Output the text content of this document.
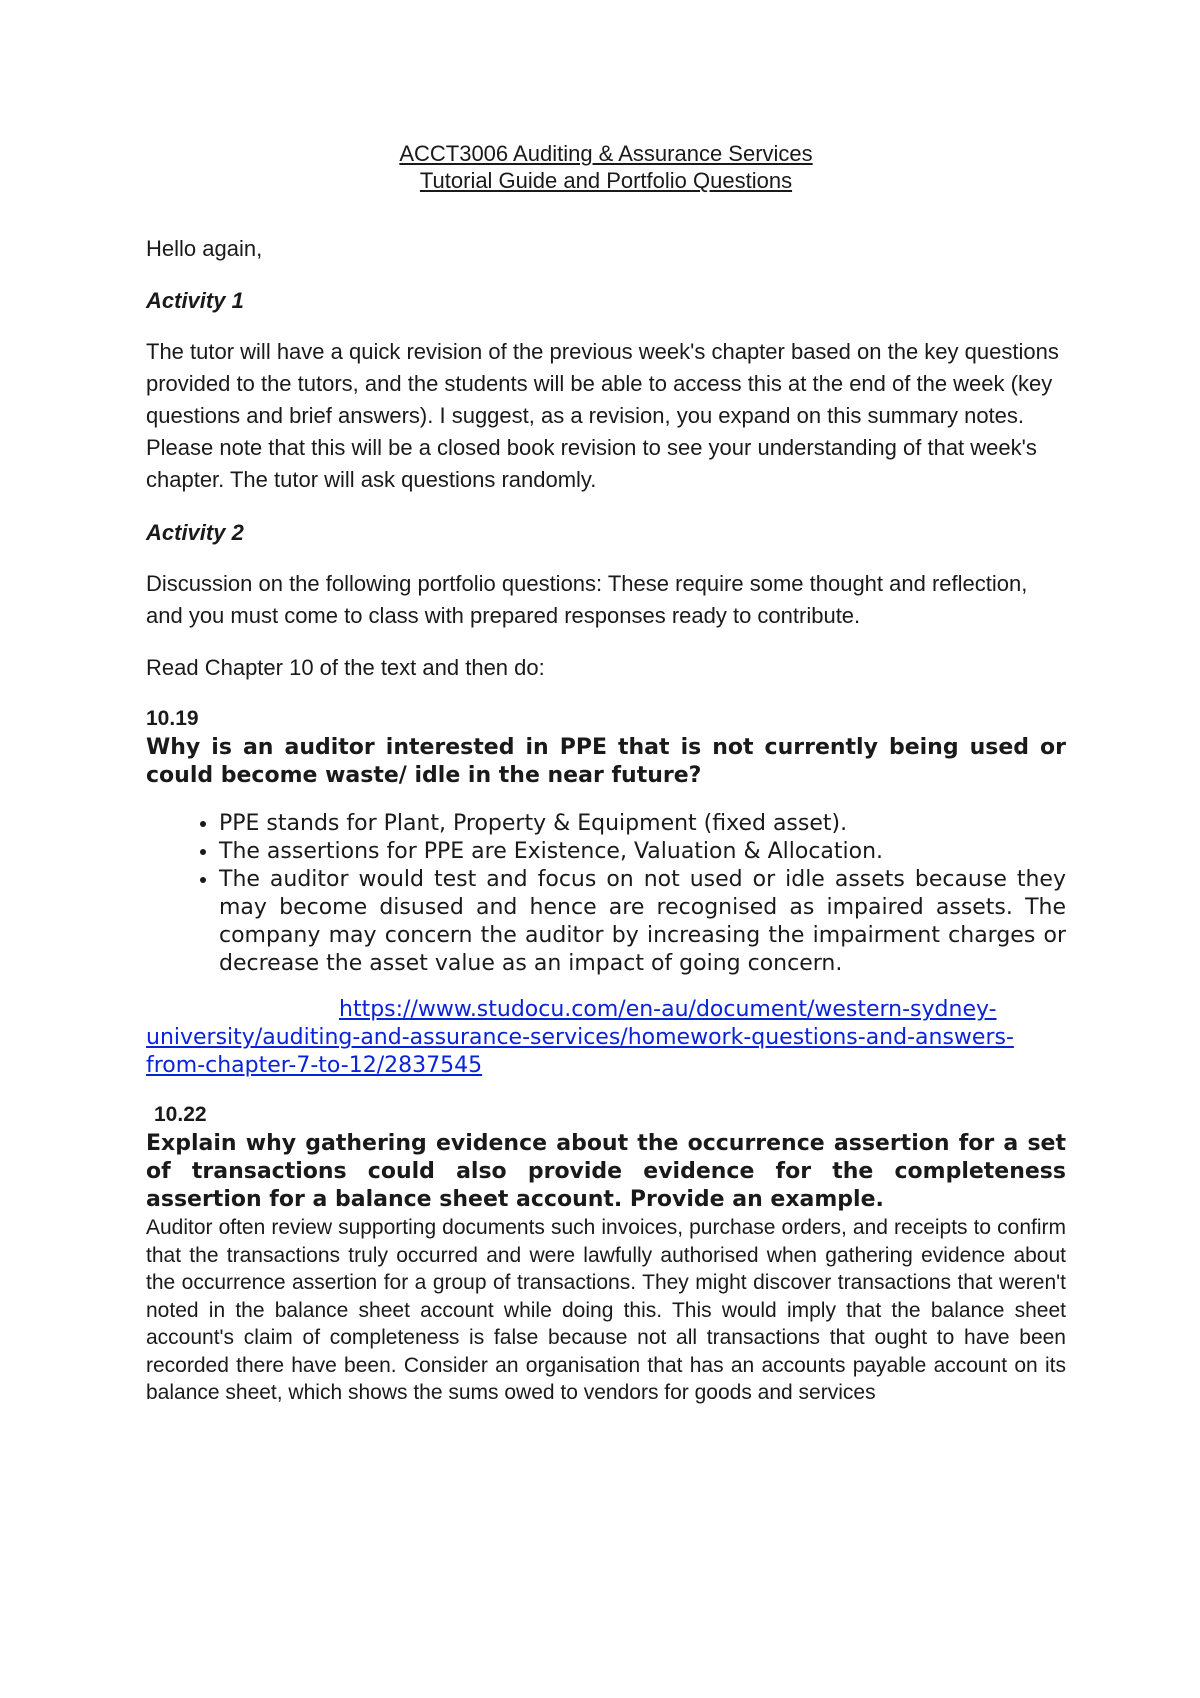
ACCT3006 Auditing & Assurance Services

Tutorial Guide and Portfolio Questions

Hello again,

Activity 1

The tutor will have a quick revision of the previous week's chapter based on the key questions provided to the tutors, and the students will be able to access this at the end of the week (key questions and brief answers). I suggest, as a revision, you expand on this summary notes. Please note that this will be a closed book revision to see your understanding of that week's chapter. The tutor will ask questions randomly.

Activity 2

Discussion on the following portfolio questions: These require some thought and reflection, and you must come to class with prepared responses ready to contribute.

Read Chapter 10 of the text and then do:

10.19

Why is an auditor interested in PPE that is not currently being used or could become waste/ idle in the near future?

• PPE stands for Plant, Property & Equipment (fixed asset).
• The assertions for PPE are Existence, Valuation & Allocation.
• The auditor would test and focus on not used or idle assets because they may become disused and hence are recognised as impaired assets. The company may concern the auditor by increasing the impairment charges or decrease the asset value as an impact of going concern.

https://www.studocu.com/en-au/document/western-sydney-university/auditing-and-assurance-services/homework-questions-and-answers-from-chapter-7-to-12/2837545

10.22

Explain why gathering evidence about the occurrence assertion for a set of transactions could also provide evidence for the completeness assertion for a balance sheet account. Provide an example.

Auditor often review supporting documents such invoices, purchase orders, and receipts to confirm that the transactions truly occurred and were lawfully authorised when gathering evidence about the occurrence assertion for a group of transactions. They might discover transactions that weren't noted in the balance sheet account while doing this. This would imply that the balance sheet account's claim of completeness is false because not all transactions that ought to have been recorded there have been. Consider an organisation that has an accounts payable account on its balance sheet, which shows the sums owed to vendors for goods and services
